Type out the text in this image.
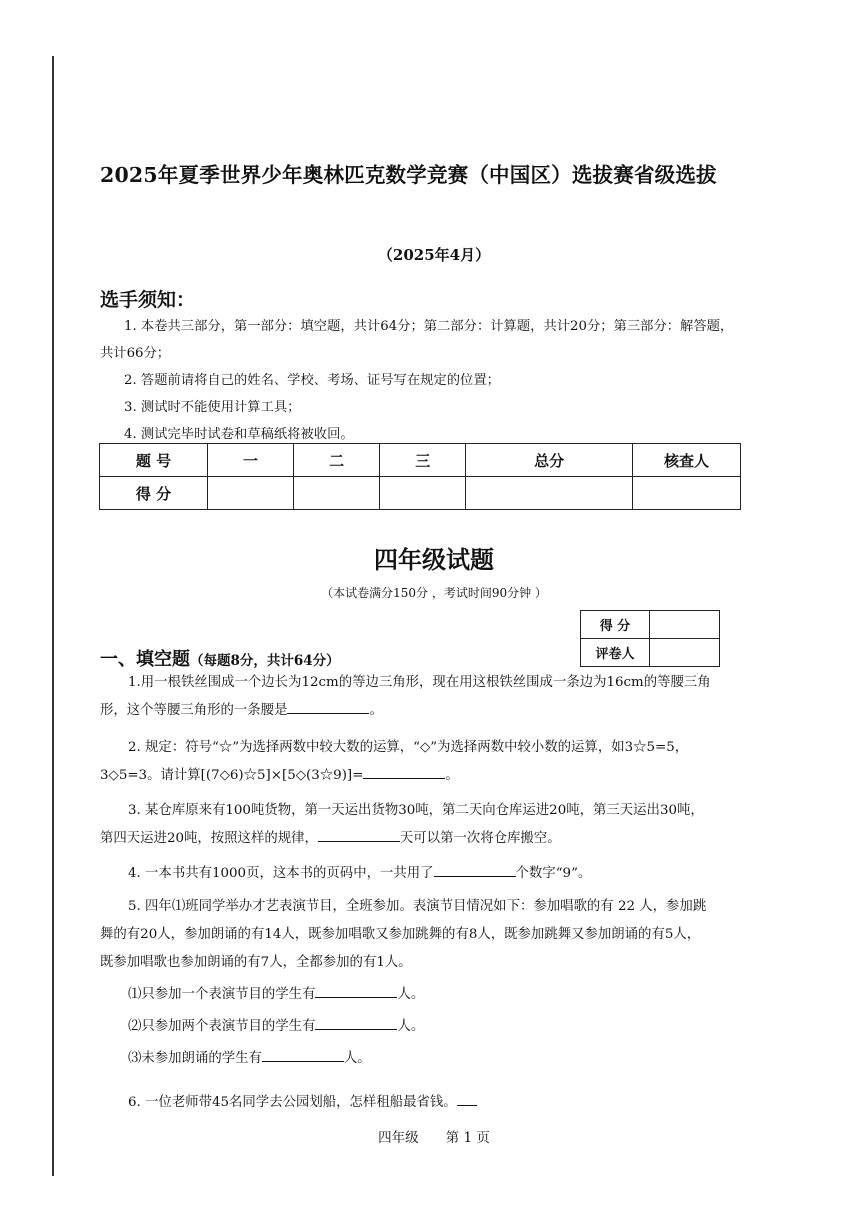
2025年夏季世界少年奥林匹克数学竞赛（中国区）选拔赛省级选拔
（2025年4月）
选手须知：

1. 本卷共三部分，第一部分：填空题，共计64分；第二部分：计算题，共计20分；第三部分：解答题，共计66分；

2. 答题前请将自己的姓名、学校、考场、证号写在规定的位置；

3. 测试时不能使用计算工具；

4. 测试完毕时试卷和草稿纸将被收回。

题 号	一	二	三	总分	核查人
得 分					
四年级试题
（本试卷满分150分 ，考试时间90分钟 ）
得 分	
评卷人	
一、填空题（每题8分，共计64分）

1.用一根铁丝围成一个边长为12cm的等边三角形，现在用这根铁丝围成一条边为16cm的等腰三角

形，这个等腰三角形的一条腰是	。

2. 规定：符号“☆”为选择两数中较大数的运算，“◇”为选择两数中较小数的运算，如3☆5=5，

3◇5=3。请计算[(7◇6)☆5]×[5◇(3☆9)]=	。

3. 某仓库原来有100吨货物，第一天运出货物30吨，第二天向仓库运进20吨，第三天运出30吨，

第四天运进20吨，按照这样的规律，	天可以第一次将仓库搬空。

4. 一本书共有1000页，这本书的页码中，一共用了	个数字“9”。

5. 四年⑴班同学举办才艺表演节目，全班参加。表演节目情况如下：参加唱歌的有 22 人，参加跳

舞的有20人，参加朗诵的有14人，既参加唱歌又参加跳舞的有8人，既参加跳舞又参加朗诵的有5人，

既参加唱歌也参加朗诵的有7人，全都参加的有1人。

⑴只参加一个表演节目的学生有	人。

⑵只参加两个表演节目的学生有	人。

⑶未参加朗诵的学生有	人。

6. 一位老师带45名同学去公园划船，怎样租船最省钱。

四年级　　第 1 页
